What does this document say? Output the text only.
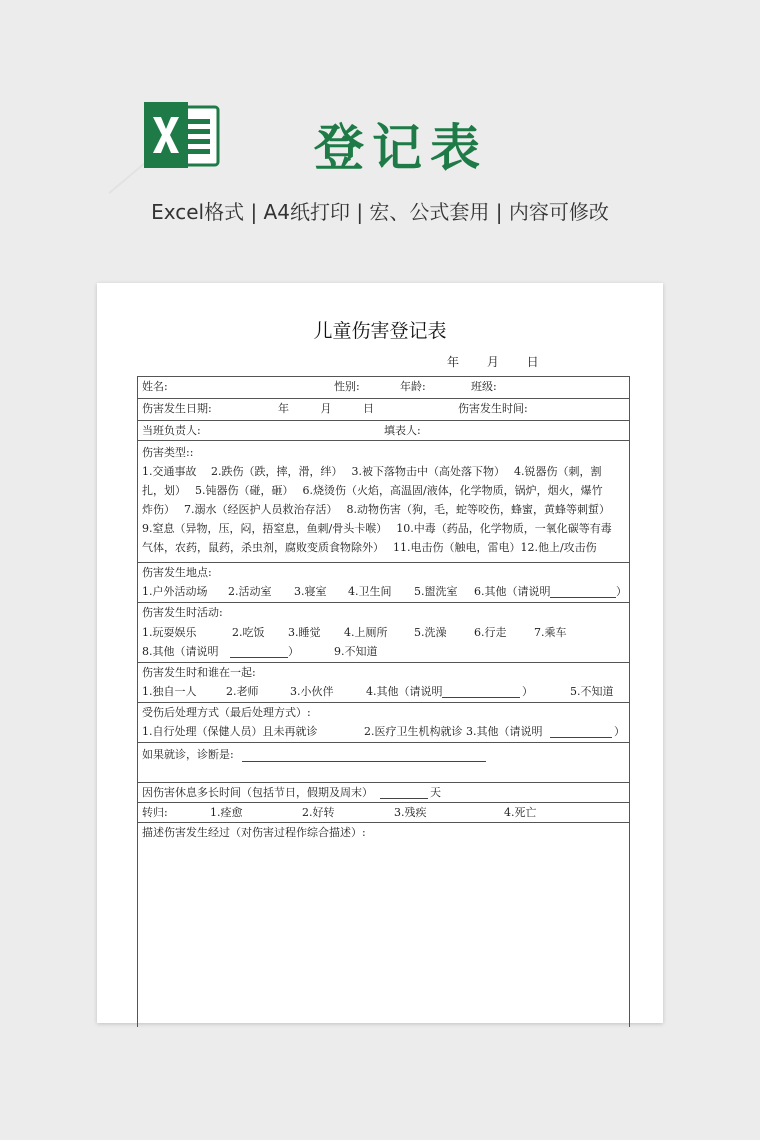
登记表
Excel格式 | A4纸打印 | 宏、公式套用 | 内容可修改
儿童伤害登记表
年 月 日
姓名:	性别:	年龄:	班级:
伤害发生日期:	年 月 日	伤害发生时间:
当班负责人:	填表人:
伤害类型::
1.交通事故　 2.跌伤（跌，摔，滑，绊）　 3.被下落物击中（高处落下物）　 4.锐器伤（刺，割
扎，划）　 5.钝器伤（碰，砸）　 6.烧烫伤（火焰，高温固/液体，化学物质，锅炉，烟火，爆竹
炸伤）　 7.溺水（经医护人员救治存活）　 8.动物伤害（狗，毛，蛇等咬伤，蜂蜜，黄蜂等刺蜇）
9.窒息（异物，压，闷，捂窒息，鱼刺/骨头卡喉）　 10.中毒（药品，化学物质，一氧化碳等有毒
气体，农药，鼠药，杀虫剂，腐败变质食物除外）　 11.电击伤（触电，雷电）12.他上/攻击伤
伤害发生地点:
1.户外活动场 2.活动室 3.寝室 4.卫生间 5.盥洗室 6.其他（请说明	）
伤害发生时活动:
1.玩耍娱乐	2.吃饭 3.睡觉 4.上厕所 5.洗澡	6.行走	7.乘车
8.其他（请说明	）	9.不知道
伤害发生时和谁在一起:
1.独自一人	2.老师	3.小伙伴	4.其他（请说明	）	5.不知道
受伤后处理方式（最后处理方式）:
1.自行处理（保健人员）且未再就诊	2.医疗卫生机构就诊 3.其他（请说明	）
如果就诊，诊断是:
因伤害休息多长时间（包括节日，假期及周末）	天
转归:	1.痊愈	2.好转	3.残疾	4.死亡
描述伤害发生经过（对伤害过程作综合描述）:
